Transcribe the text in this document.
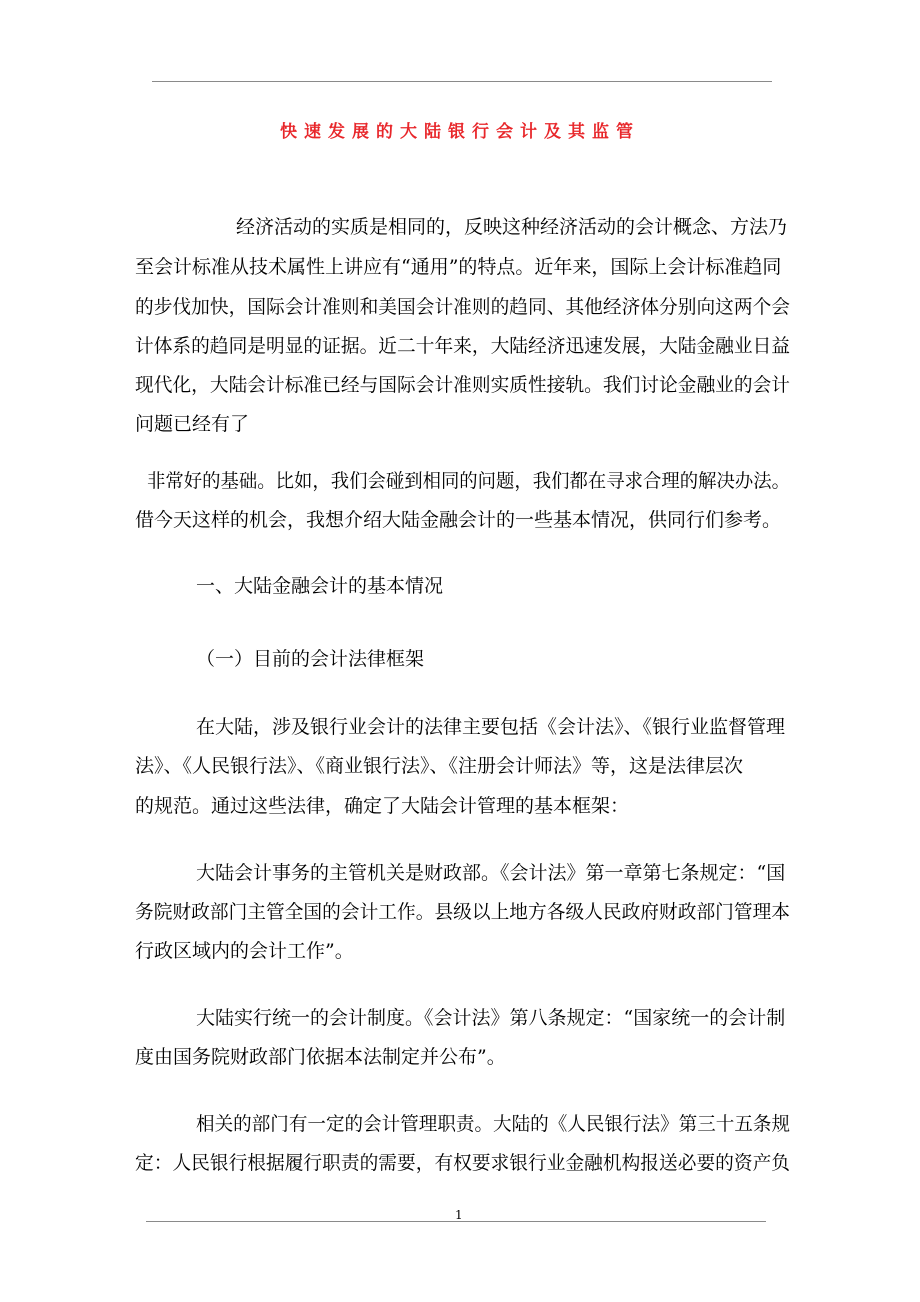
快速发展的大陆银行会计及其监管
经济活动的实质是相同的，反映这种经济活动的会计概念、方法乃
至会计标准从技术属性上讲应有“通用”的特点。近年来，国际上会计标准趋同
的步伐加快，国际会计准则和美国会计准则的趋同、其他经济体分别向这两个会
计体系的趋同是明显的证据。近二十年来，大陆经济迅速发展，大陆金融业日益
现代化，大陆会计标准已经与国际会计准则实质性接轨。我们讨论金融业的会计
问题已经有了
非常好的基础。比如，我们会碰到相同的问题，我们都在寻求合理的解决办法。
借今天这样的机会，我想介绍大陆金融会计的一些基本情况，供同行们参考。
一、大陆金融会计的基本情况
（一）目前的会计法律框架
在大陆，涉及银行业会计的法律主要包括《会计法》、《银行业监督管理
法》、《人民银行法》、《商业银行法》、《注册会计师法》等，这是法律层次
的规范。通过这些法律，确定了大陆会计管理的基本框架：
大陆会计事务的主管机关是财政部。《会计法》第一章第七条规定：“国
务院财政部门主管全国的会计工作。县级以上地方各级人民政府财政部门管理本
行政区域内的会计工作”。
大陆实行统一的会计制度。《会计法》第八条规定：“国家统一的会计制
度由国务院财政部门依据本法制定并公布”。
相关的部门有一定的会计管理职责。大陆的《人民银行法》第三十五条规
定：人民银行根据履行职责的需要，有权要求银行业金融机构报送必要的资产负
1
